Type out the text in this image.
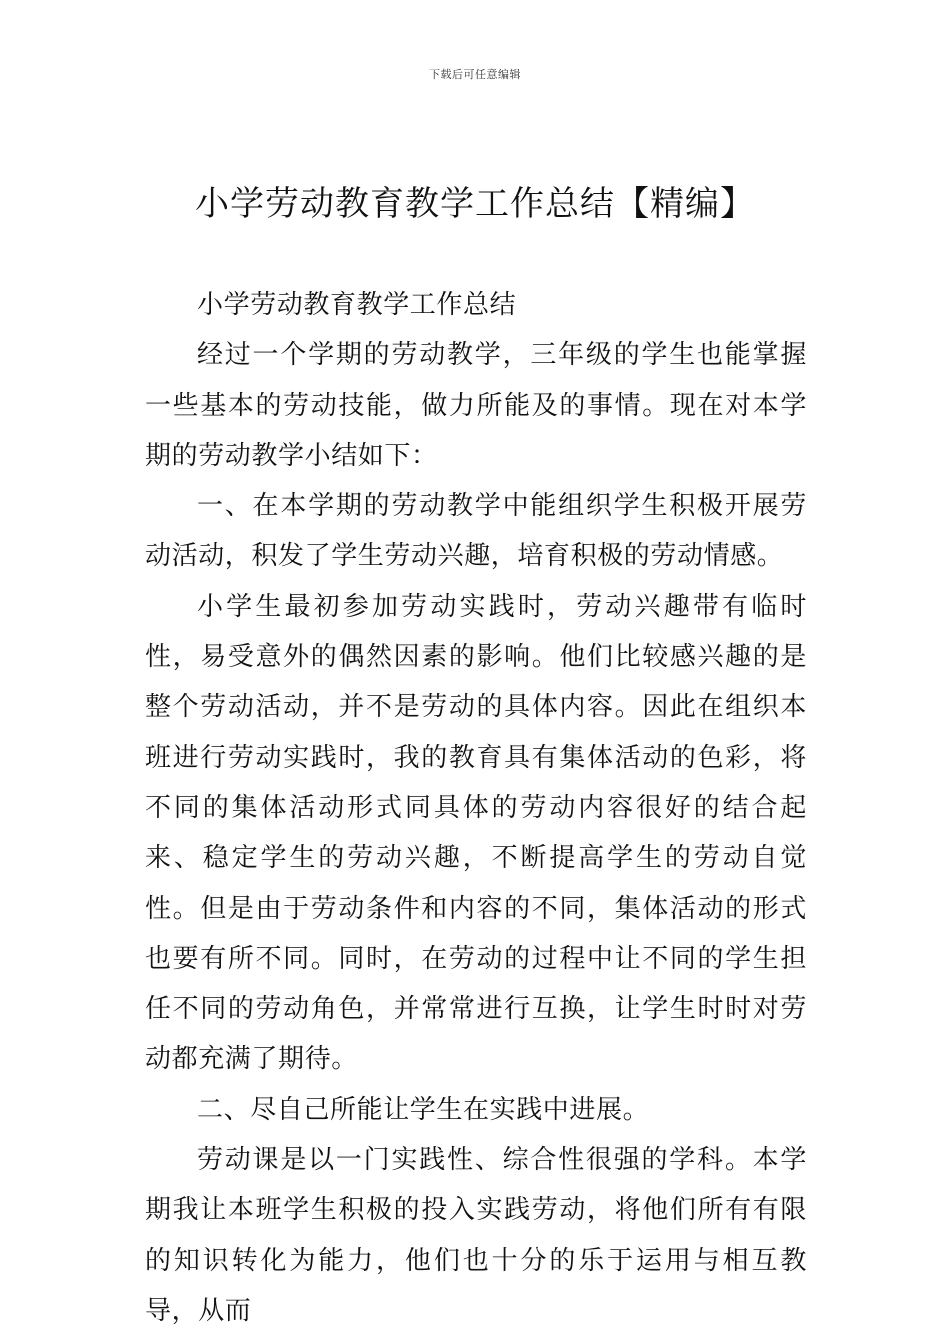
下载后可任意编辑
小学劳动教育教学工作总结【精编】

小学劳动教育教学工作总结

经过一个学期的劳动教学，三年级的学生也能掌握一些基本的劳动技能，做力所能及的事情。现在对本学期的劳动教学小结如下：

一、在本学期的劳动教学中能组织学生积极开展劳动活动，积发了学生劳动兴趣，培育积极的劳动情感。

小学生最初参加劳动实践时，劳动兴趣带有临时性，易受意外的偶然因素的影响。他们比较感兴趣的是整个劳动活动，并不是劳动的具体内容。因此在组织本班进行劳动实践时，我的教育具有集体活动的色彩，将不同的集体活动形式同具体的劳动内容很好的结合起来、稳定学生的劳动兴趣，不断提高学生的劳动自觉性。但是由于劳动条件和内容的不同，集体活动的形式也要有所不同。同时，在劳动的过程中让不同的学生担任不同的劳动角色，并常常进行互换，让学生时时对劳动都充满了期待。

二、尽自己所能让学生在实践中进展。

劳动课是以一门实践性、综合性很强的学科。本学期我让本班学生积极的投入实践劳动，将他们所有有限的知识转化为能力，他们也十分的乐于运用与相互教导，从而
